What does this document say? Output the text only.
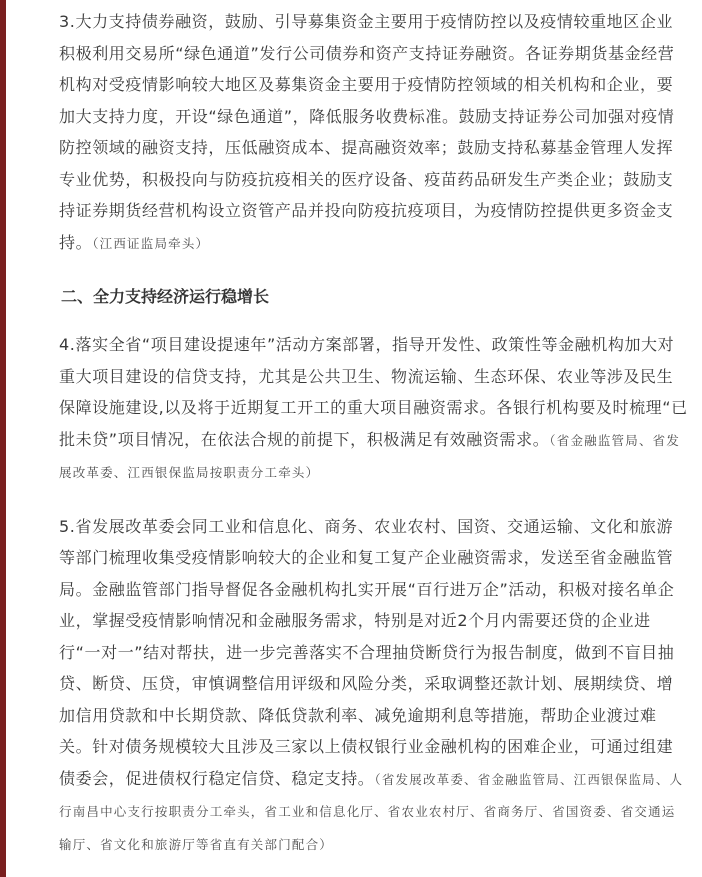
3.大力支持债券融资，鼓励、引导募集资金主要用于疫情防控以及疫情较重地区企业积极利用交易所“绿色通道”发行公司债券和资产支持证券融资。各证券期货基金经营机构对受疫情影响较大地区及募集资金主要用于疫情防控领域的相关机构和企业，要加大支持力度，开设“绿色通道”，降低服务收费标准。鼓励支持证券公司加强对疫情防控领域的融资支持，压低融资成本、提高融资效率；鼓励支持私募基金管理人发挥专业优势，积极投向与防疫抗疫相关的医疗设备、疫苗药品研发生产类企业；鼓励支持证券期货经营机构设立资管产品并投向防疫抗疫项目，为疫情防控提供更多资金支持。（江西证监局牵头）

二、全力支持经济运行稳增长

4.落实全省“项目建设提速年”活动方案部署，指导开发性、政策性等金融机构加大对重大项目建设的信贷支持，尤其是公共卫生、物流运输、生态环保、农业等涉及民生保障设施建设,以及将于近期复工开工的重大项目融资需求。各银行机构要及时梳理“已批未贷”项目情况，在依法合规的前提下，积极满足有效融资需求。（省金融监管局、省发展改革委、江西银保监局按职责分工牵头）

5.省发展改革委会同工业和信息化、商务、农业农村、国资、交通运输、文化和旅游等部门梳理收集受疫情影响较大的企业和复工复产企业融资需求，发送至省金融监管局。金融监管部门指导督促各金融机构扎实开展“百行进万企”活动，积极对接名单企业，掌握受疫情影响情况和金融服务需求，特别是对近2个月内需要还贷的企业进行“一对一”结对帮扶，进一步完善落实不合理抽贷断贷行为报告制度，做到不盲目抽贷、断贷、压贷，审慎调整信用评级和风险分类，采取调整还款计划、展期续贷、增加信用贷款和中长期贷款、降低贷款利率、减免逾期利息等措施，帮助企业渡过难关。针对债务规模较大且涉及三家以上债权银行业金融机构的困难企业，可通过组建债委会，促进债权行稳定信贷、稳定支持。（省发展改革委、省金融监管局、江西银保监局、人行南昌中心支行按职责分工牵头，省工业和信息化厅、省农业农村厅、省商务厅、省国资委、省交通运输厅、省文化和旅游厅等省直有关部门配合）
